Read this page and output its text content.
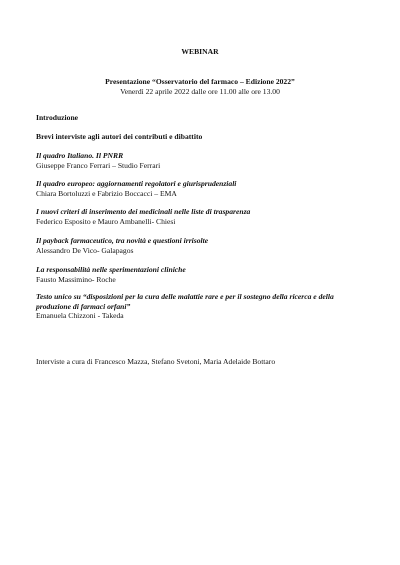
WEBINAR
Presentazione “Osservatorio del farmaco – Edizione 2022”
Venerdì 22 aprile 2022 dalle ore 11.00 alle ore 13.00
Introduzione
Brevi interviste agli autori dei contributi e dibattito
Il quadro Italiano. Il PNRR
Giuseppe Franco Ferrari – Studio Ferrari
Il quadro europeo: aggiornamenti regolatori e giurisprudenziali
Chiara Bortoluzzi e Fabrizio Boccacci – EMA
I nuovi criteri di inserimento dei medicinali nelle liste di trasparenza
Federico Esposito e Mauro Ambanelli- Chiesi
Il payback farmaceutico, tra novità e questioni irrisolte
Alessandro De Vico- Galapagos
La responsabilità nelle sperimentazioni cliniche
Fausto Massimino- Roche
Testo unico su “disposizioni per la cura delle malattie rare e per il sostegno della ricerca e della produzione di farmaci orfani”
Emanuela Chizzoni - Takeda
Interviste a cura di Francesco Mazza, Stefano Svetoni, Maria Adelaide Bottaro
